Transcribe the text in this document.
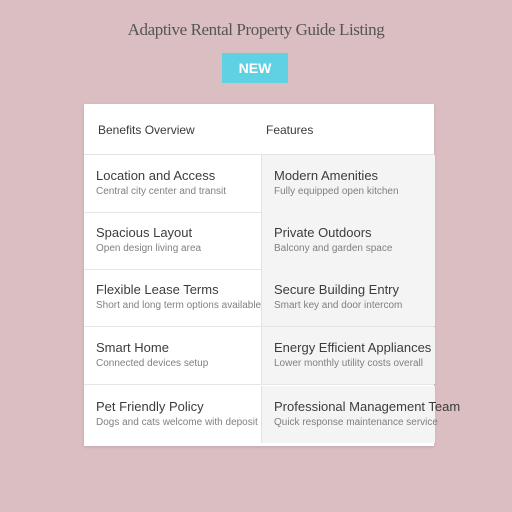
Adaptive Rental Property Guide Listing
NEW
Benefits Overview	Features
Location and Access
Central city center and transit
Modern Amenities
Fully equipped open kitchen
Spacious Layout
Open design living area
Private Outdoors
Balcony and garden space
Flexible Lease Terms
Short and long term options available
Secure Building Entry
Smart key and door intercom
Smart Home
Connected devices setup
Energy Efficient Appliances
Lower monthly utility costs overall
Pet Friendly Policy
Dogs and cats welcome with deposit
Professional Management Team
Quick response maintenance service
